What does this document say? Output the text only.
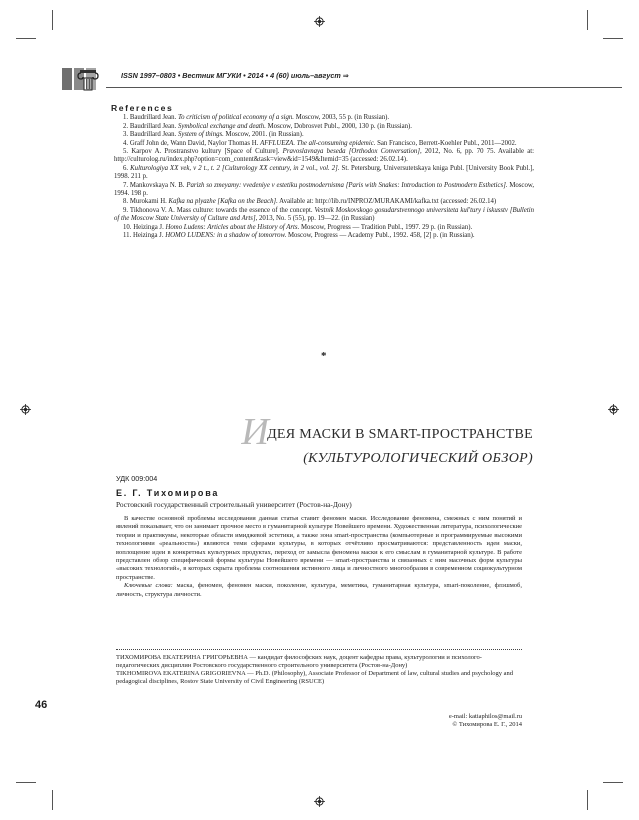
ISSN 1997–0803 • Вестник МГУКИ • 2014 • 4 (60) июль–август ⇒
References
1. Baudrillard Jean. To criticism of political economy of a sign. Moscow, 2003, 55 p. (in Russian).
2. Baudrillard Jean. Symbolical exchange and death. Moscow, Dobrosvet Publ., 2000, 130 p. (in Russian).
3. Baudrillard Jean. System of things. Moscow, 2001. (in Russian).
4. Graff John de, Wann David, Naylor Thomas H. AFFLUEZA. The all-consuming epidemic. San Francisco, Berrett-Koehler Publ., 2011—2002.
5. Karpov A. Prostranstvo kultury [Space of Culture]. Pravoslavnaya beseda [Orthodox Conversation], 2012, No. 6, pp. 70 75. Available at: http://culturolog.ru/index.php?option=com_content&task=view&id=1549&Itemid=35 (accessed: 26.02.14).
6. Kulturologiya XX vek, v 2 t., t. 2 [Culturology XX century, in 2 vol., vol. 2]. St. Petersburg, Universutetskaya kniga Publ. [University Book Publ.], 1998. 211 p.
7. Mankovskaya N. B. Parizh so zmeyamy: vvedeniye v estetiku postmodernisma [Paris with Snakes: Introduction to Postmodern Esthetics]. Moscow, 1994. 198 p.
8. Murokami H. Kafka na plyazhe [Kafka on the Beach]. Available at: http://lib.ru/INPROZ/MURAKAMI/kafka.txt (accessed: 26.02.14)
9. Tikhonova V. A. Mass culture: towards the essence of the concept. Vestnik Moskovskogo gosudarstvennogo universiteta kul'tury i iskusstv [Bulletin of the Moscow State University of Culture and Arts], 2013, No. 5 (55), pp. 19—22. (in Russian)
10. Heizinga J. Homo Ludens: Articles about the History of Arts. Moscow, Progress — Tradition Publ., 1997. 29 p. (in Russian).
11. Heizinga J. HOMO LUDENS: in a shadow of tomorrow. Moscow, Progress — Academy Publ., 1992. 458, [2] p. (in Russian).
*
ИДЕЯ МАСКИ В SMART-ПРОСТРАНСТВЕ
(КУЛЬТУРОЛОГИЧЕСКИЙ ОБЗОР)
УДК 009:004
Е. Г. Тихомирова
Ростовский государственный строительный университет (Ростов-на-Дону)

В качестве основной проблемы исследования данная статья ставит феномен маски. Исследование феномена, смежных с ним понятий и явлений показывает, что он занимает прочное место в гуманитарной культуре Новейшего времени. Художественная литература, психологические теории и практикумы, некоторые области имиджевой эстетики, а также зона smart-пространства (компьютерные и программируемые высокими технологиями «реальности») являются теми сферами культуры, в которых отчётливо просматриваются: представленность идеи маски, воплощение идеи в конкретных культурных продуктах, переход от замысла феномена маски к его смыслам в гуманитарной культуре. В работе представлен обзор специфической формы культуры Новейшего времени — smart-пространства и связанных с ним масочных форм культуры «высоких технологий», в которых скрыта проблема соотношения истинного лица и личностного многообразия в современном социокультурном пространстве.

Ключевые слова: маска, феномен, феномен маски, поколение, культура, меметика, гуманитарная культура, smart-поколение, флэшмоб, личность, структура личности.

ТИХОМИРОВА ЕКАТЕРИНА ГРИГОРЬЕВНА — кандидат философских наук, доцент кафедры права, культурологии и психолого-педагогических дисциплин Ростовского государственного строительного университета (Ростов-на-Дону)

TIKHOMIROVA EKATERINA GRIGORIEVNA — Ph.D. (Philosophy), Associate Professor of Department of law, cultural studies and psychology and pedagogical disciplines, Rostov State University of Civil Engineering (RSUCE)

e-mail: katiaphilos@mail.ru
© Тихомирова Е. Г., 2014
46
